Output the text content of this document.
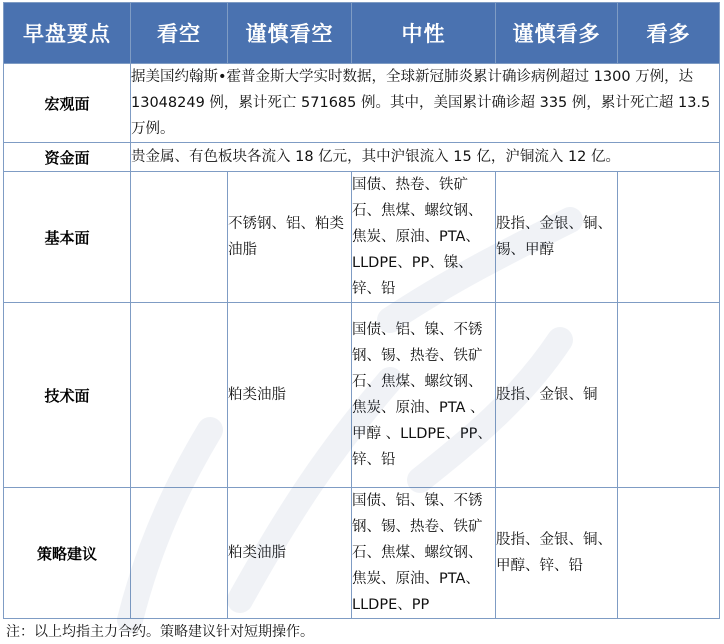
早盘要点	看空	谨慎看空	中性	谨慎看多	看多
宏观面	据美国约翰斯•霍普金斯大学实时数据，全球新冠肺炎累计确诊病例超过 1300 万例，达 13048249 例，累计死亡 571685 例。其中，美国累计确诊超 335 例，累计死亡超 13.5 万例。				
资金面	贵金属、有色板块各流入 18 亿元，其中沪银流入 15 亿，沪铜流入 12 亿。				
基本面		不锈钢、铝、粕类油脂	国债、热卷、铁矿石、焦煤、螺纹钢、焦炭、原油、PTA、LLDPE、PP、镍、锌、铅	股指、金银、铜、锡、甲醇	
技术面		粕类油脂	国债、铝、镍、不锈钢、锡、热卷、铁矿石、焦煤、螺纹钢、焦炭、原油、PTA 、甲醇 、LLDPE、PP、锌、铅	股指、金银、铜	
策略建议		粕类油脂	国债、铝、镍、不锈钢、锡、热卷、铁矿石、焦煤、螺纹钢、焦炭、原油、PTA、 LLDPE、PP	股指、金银、铜、甲醇、锌、铅	
注：以上均指主力合约。策略建议针对短期操作。
